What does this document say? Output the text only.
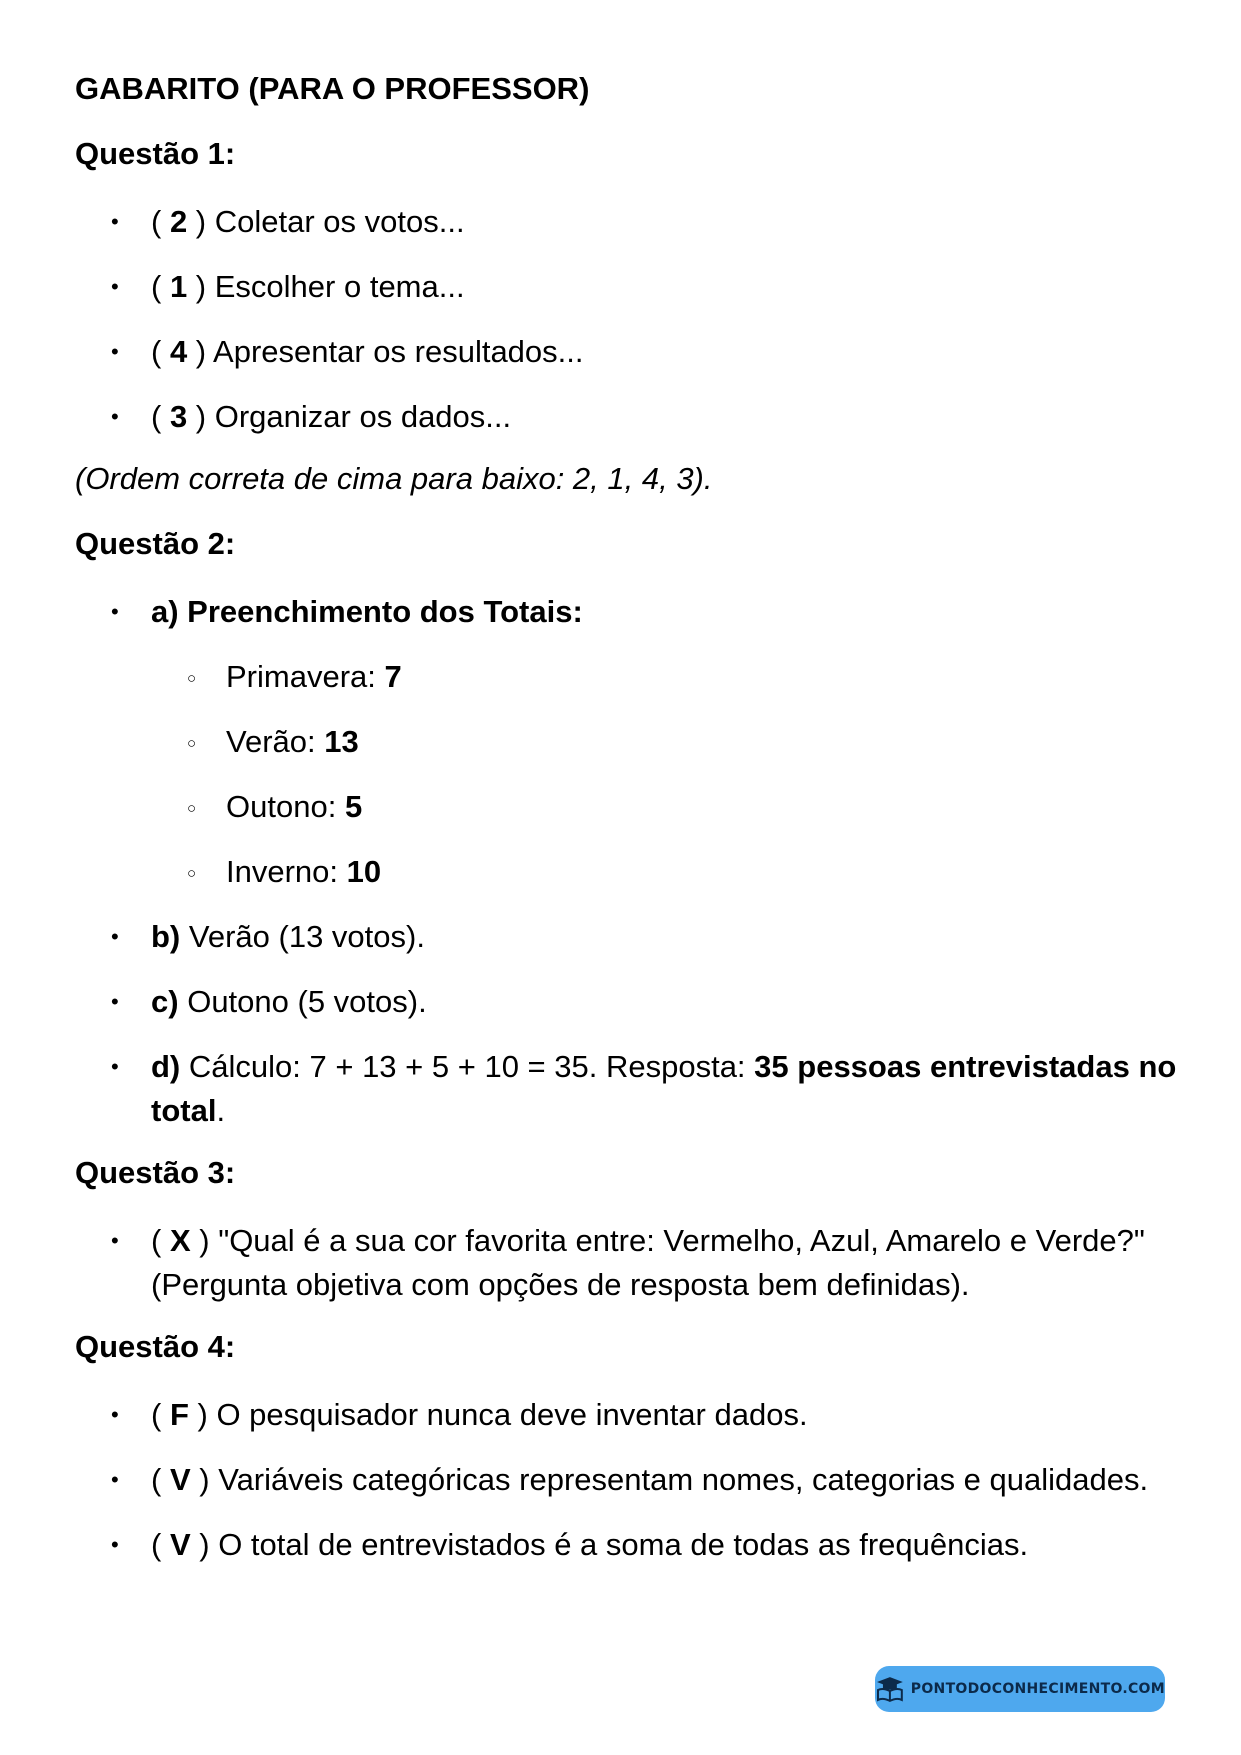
GABARITO (PARA O PROFESSOR)
Questão 1:
• ( 2 ) Coletar os votos...
• ( 1 ) Escolher o tema...
• ( 4 ) Apresentar os resultados...
• ( 3 ) Organizar os dados...
(Ordem correta de cima para baixo: 2, 1, 4, 3).
Questão 2:
• a) Preenchimento dos Totais:
○ Primavera: 7
○ Verão: 13
○ Outono: 5
○ Inverno: 10
• b) Verão (13 votos).
• c) Outono (5 votos).
• d) Cálculo: 7 + 13 + 5 + 10 = 35. Resposta: 35 pessoas entrevistadas no total.
Questão 3:
• ( X ) "Qual é a sua cor favorita entre: Vermelho, Azul, Amarelo e Verde?" (Pergunta objetiva com opções de resposta bem definidas).
Questão 4:
• ( F ) O pesquisador nunca deve inventar dados.
• ( V ) Variáveis categóricas representam nomes, categorias e qualidades.
• ( V ) O total de entrevistados é a soma de todas as frequências.
PONTODOCONHECIMENTO.COM
